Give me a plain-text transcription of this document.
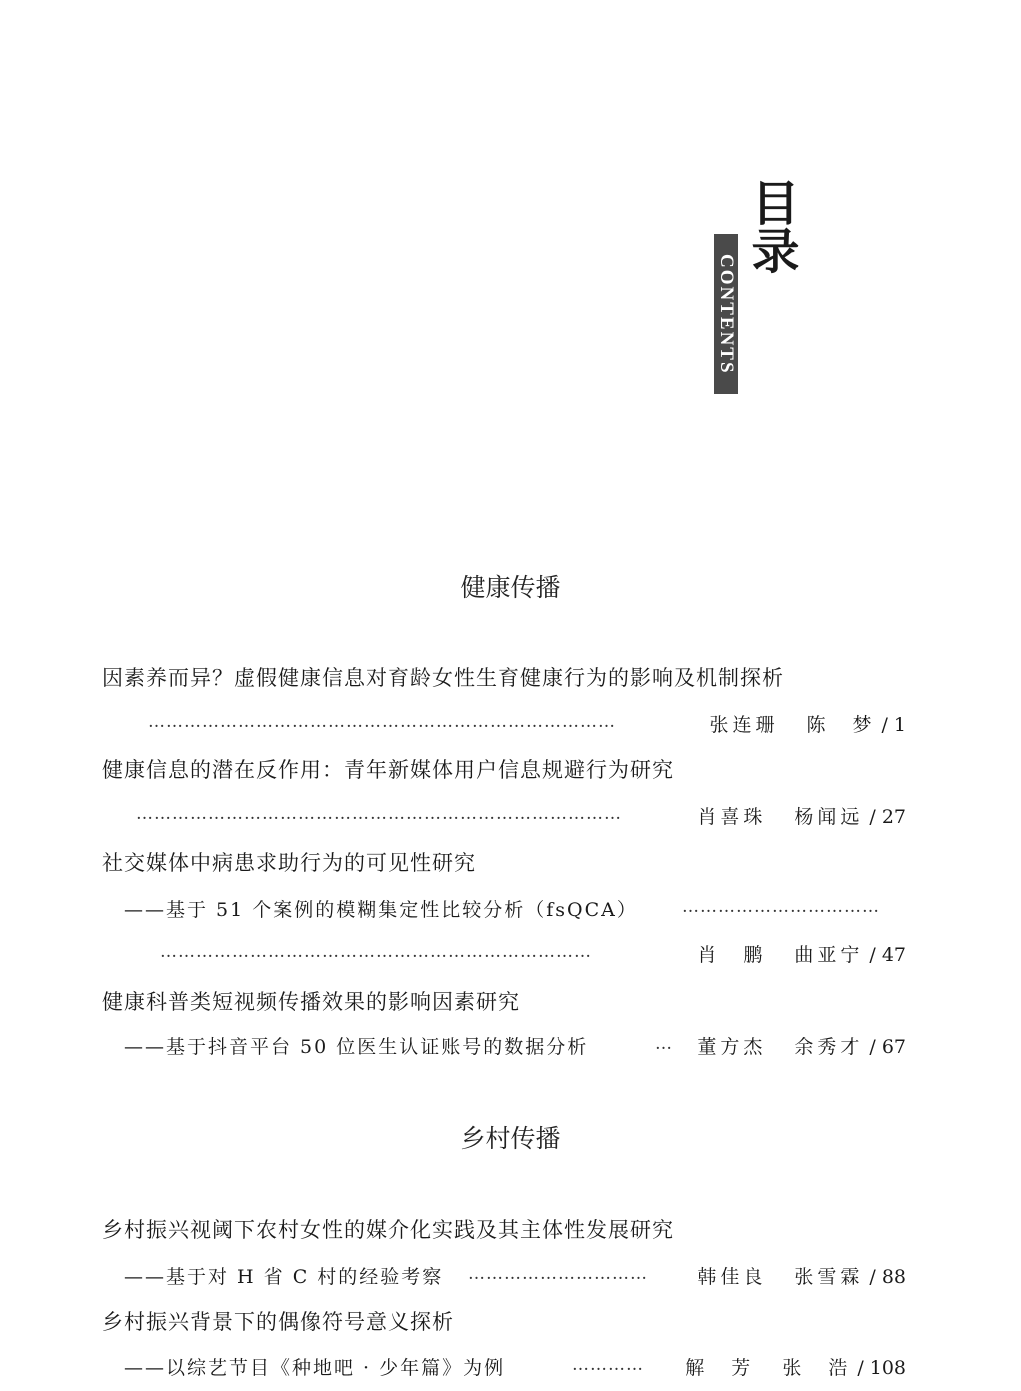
目录
CONTENTS
健康传播
因素养而异？虚假健康信息对育龄女性生育健康行为的影响及机制探析
……………………………………………………………………	张连珊 陈　梦 / 1
健康信息的潜在反作用：青年新媒体用户信息规避行为研究
………………………………………………………………………	肖喜珠 杨闻远 / 27
社交媒体中病患求助行为的可见性研究
——基于 51 个案例的模糊集定性比较分析（fsQCA）	……………………………
………………………………………………………………	肖　鹏 曲亚宁 / 47
健康科普类短视频传播效果的影响因素研究
——基于抖音平台 50 位医生认证账号的数据分析	… 董方杰 余秀才 / 67
乡村传播
乡村振兴视阈下农村女性的媒介化实践及其主体性发展研究
——基于对 H 省 C 村的经验考察 …………………………	韩佳良 张雪霖 / 88
乡村振兴背景下的偶像符号意义探析
——以综艺节目《种地吧 · 少年篇》为例	………… 解　芳 张　浩 / 108
